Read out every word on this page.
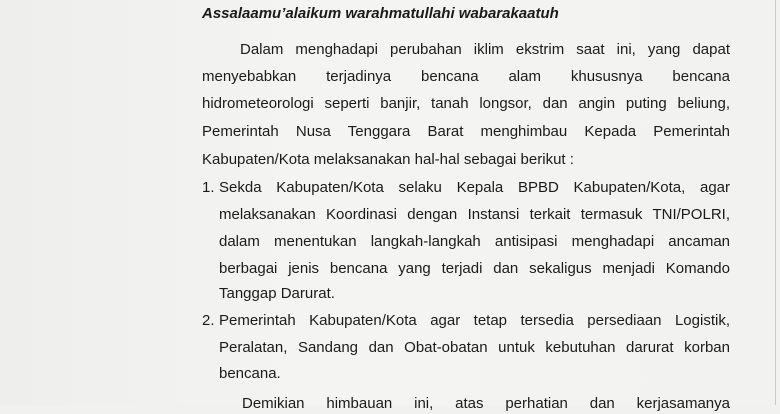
Assalaamu’alaikum warahmatullahi wabarakaatuh
Dalam menghadapi perubahan iklim ekstrim saat ini, yang dapat
menyebabkan terjadinya bencana alam khususnya bencana
hidrometeorologi seperti banjir, tanah longsor, dan angin puting beliung,
Pemerintah Nusa Tenggara Barat menghimbau Kepada Pemerintah
Kabupaten/Kota melaksanakan hal-hal sebagai berikut :
1. Sekda Kabupaten/Kota selaku Kepala BPBD Kabupaten/Kota, agar
melaksanakan Koordinasi dengan Instansi terkait termasuk TNI/POLRI,
dalam menentukan langkah-langkah antisipasi menghadapi ancaman
berbagai jenis bencana yang terjadi dan sekaligus menjadi Komando
Tanggap Darurat.
2. Pemerintah Kabupaten/Kota agar tetap tersedia persediaan Logistik,
Peralatan, Sandang dan Obat-obatan untuk kebutuhan darurat korban
bencana.
Demikian himbauan ini, atas perhatian dan kerjasamanya
